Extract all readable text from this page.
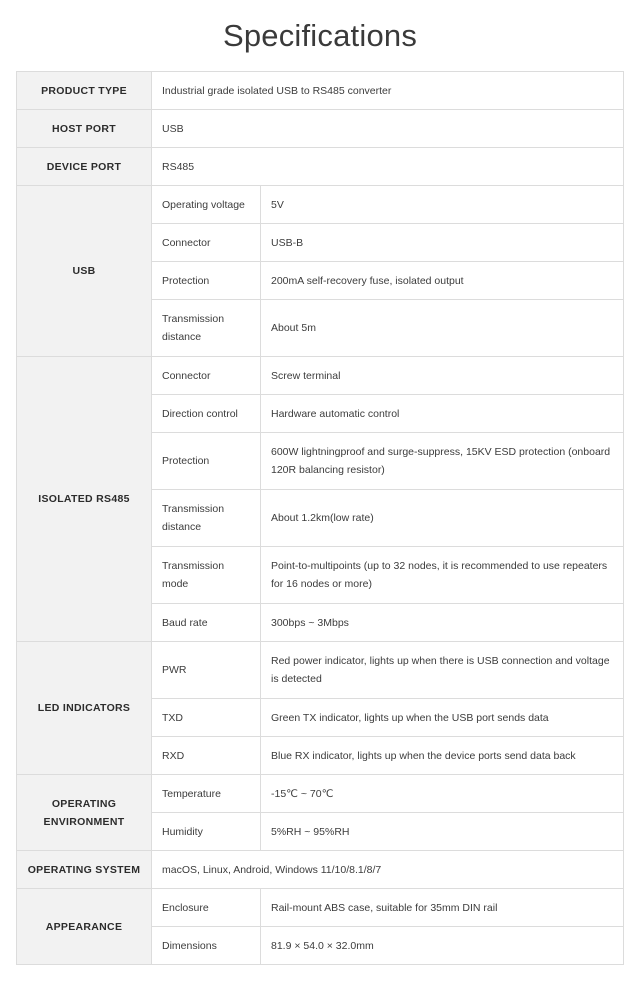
Specifications
PRODUCT TYPE	Industrial grade isolated USB to RS485 converter	
HOST PORT	USB	
DEVICE PORT	RS485	
USB	Operating voltage	5V
	Connector	USB-B
	Protection	200mA self-recovery fuse, isolated output
	Transmission distance	About 5m
ISOLATED RS485	Connector	Screw terminal
	Direction control	Hardware automatic control
	Protection	600W lightningproof and surge-suppress, 15KV ESD protection (onboard 120R balancing resistor)
	Transmission distance	About 1.2km(low rate)
	Transmission mode	Point-to-multipoints (up to 32 nodes, it is recommended to use repeaters for 16 nodes or more)
	Baud rate	300bps ~ 3Mbps
LED INDICATORS	PWR	Red power indicator, lights up when there is USB connection and voltage is detected
	TXD	Green TX indicator, lights up when the USB port sends data
	RXD	Blue RX indicator, lights up when the device ports send data back
OPERATING ENVIRONMENT	Temperature	-15℃ ~ 70℃
	Humidity	5%RH ~ 95%RH
OPERATING SYSTEM	macOS, Linux, Android, Windows 11/10/8.1/8/7	
APPEARANCE	Enclosure	Rail-mount ABS case, suitable for 35mm DIN rail
	Dimensions	81.9 × 54.0 × 32.0mm
